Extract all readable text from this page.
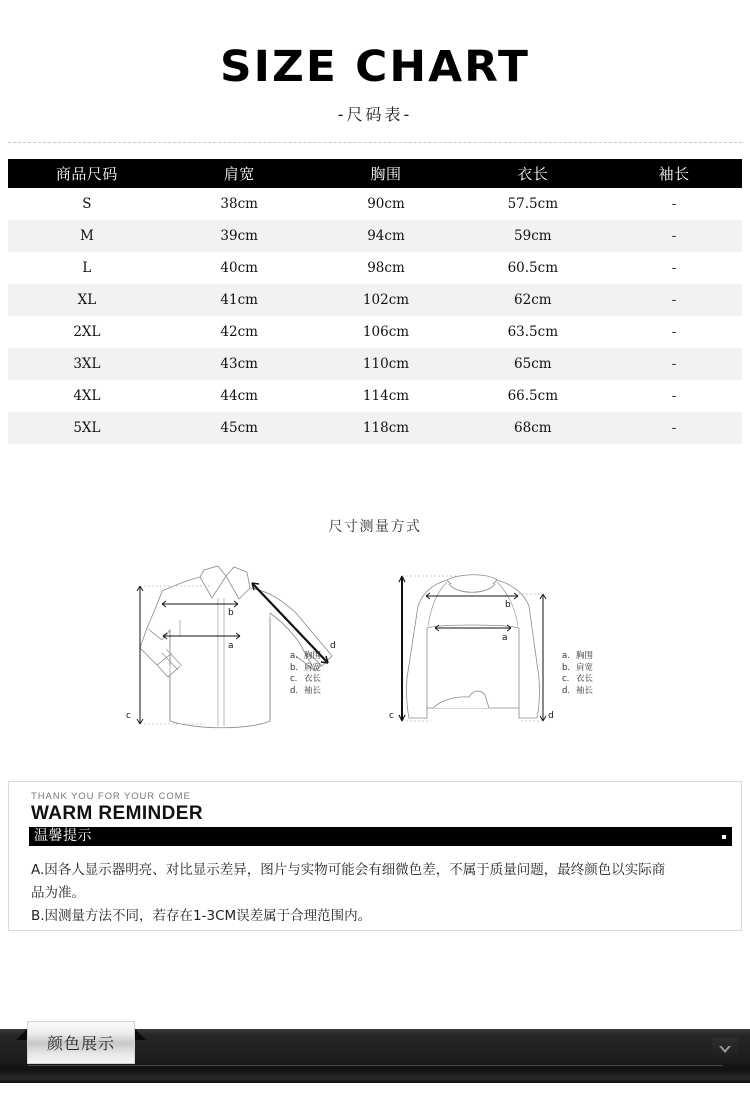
SIZE CHART
-尺码表-
商品尺码	肩宽	胸围	衣长	袖长
S	38cm	90cm	57.5cm	-
M	39cm	94cm	59cm	-
L	40cm	98cm	60.5cm	-
XL	41cm	102cm	62cm	-
2XL	42cm	106cm	63.5cm	-
3XL	43cm	110cm	65cm	-
4XL	44cm	114cm	66.5cm	-
5XL	45cm	118cm	68cm	-
尺寸测量方式
b
a
c
d
a. 胸围
b. 肩宽
c. 衣长
d. 袖长
b
a
c	d
a. 胸围
b. 肩宽
c. 衣长
d. 袖长
THANK YOU FOR YOUR COME
WARM REMINDER
温馨提示
A.因各人显示器明亮、对比显示差异，图片与实物可能会有细微色差，不属于质量问题，最终颜色以实际商品为准。
B.因测量方法不同，若存在1-3CM误差属于合理范围内。
颜色展示
